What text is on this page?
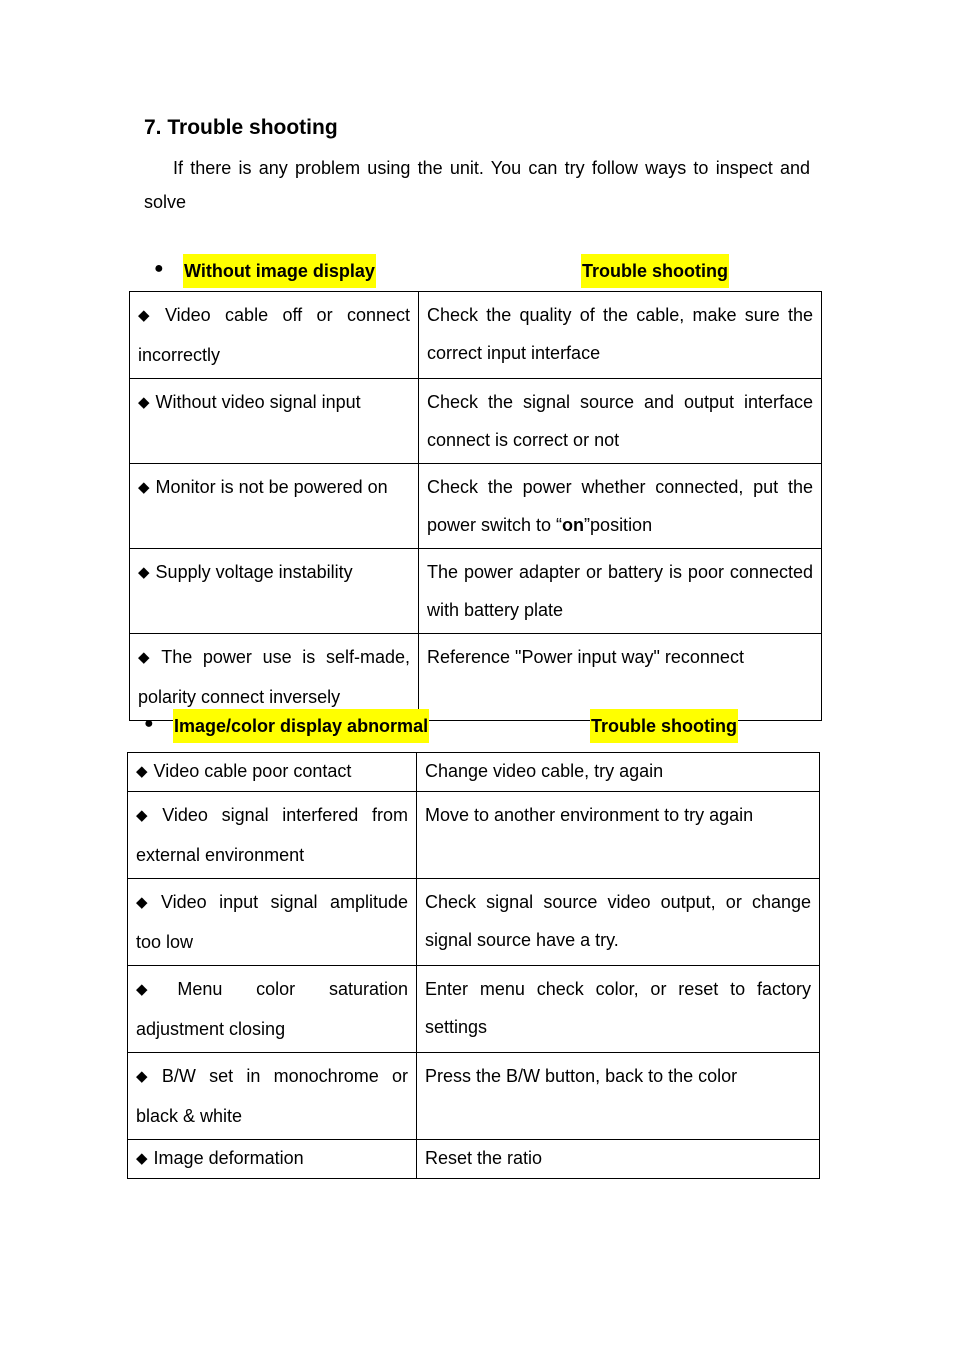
7. Trouble shooting

If there is any problem using the unit. You can try follow ways to inspect and solve

● Without image display	Trouble shooting
◆ Video cable off or connect incorrectly	Check the quality of the cable, make sure the correct input interface
◆ Without video signal input	Check the signal source and output interface connect is correct or not
◆ Monitor is not be powered on	Check the power whether connected, put the power switch to “on”position
◆ Supply voltage instability	The power adapter or battery is poor connected with battery plate
◆ The power use is self-made, polarity connect inversely	Reference "Power input way" reconnect
● Image/color display abnormal	Trouble shooting
◆ Video cable poor contact	Change video cable, try again
◆ Video signal interfered from external environment	Move to another environment to try again
◆ Video input signal amplitude too low	Check signal source video output, or change signal source have a try.
◆Menu color saturation adjustment closing	Enter menu check color, or reset to factory settings
◆ B/W set in monochrome or black & white	Press the B/W button, back to the color
◆ Image deformation	Reset the ratio
